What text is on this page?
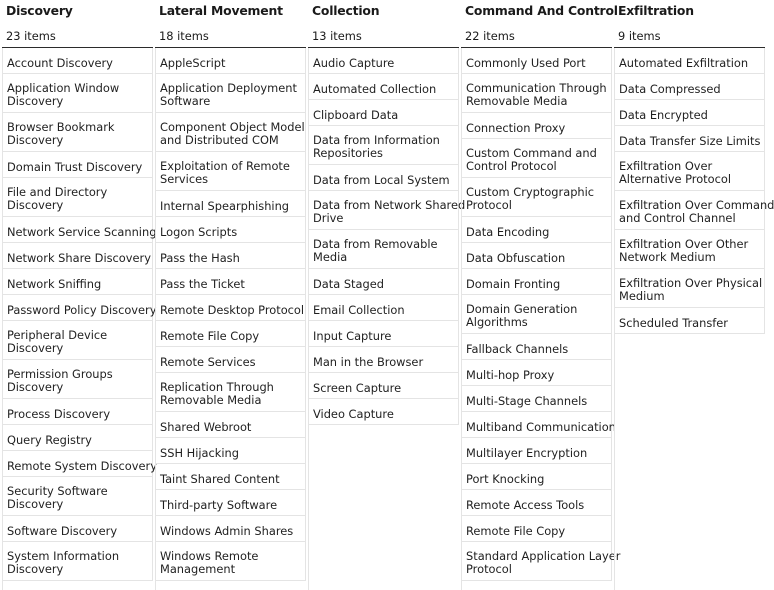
Discovery
23 items
Account Discovery
Application Window
Discovery
Browser Bookmark
Discovery
Domain Trust Discovery
File and Directory
Discovery
Network Service Scanning
Network Share Discovery
Network Sniffing
Password Policy Discovery
Peripheral Device
Discovery
Permission Groups
Discovery
Process Discovery
Query Registry
Remote System Discovery
Security Software
Discovery
Software Discovery
System Information
Discovery
Lateral Movement
18 items
AppleScript
Application Deployment
Software
Component Object Model
and Distributed COM
Exploitation of Remote
Services
Internal Spearphishing
Logon Scripts
Pass the Hash
Pass the Ticket
Remote Desktop Protocol
Remote File Copy
Remote Services
Replication Through
Removable Media
Shared Webroot
SSH Hijacking
Taint Shared Content
Third-party Software
Windows Admin Shares
Windows Remote
Management
Collection
13 items
Audio Capture
Automated Collection
Clipboard Data
Data from Information
Repositories
Data from Local System
Data from Network Shared
Drive
Data from Removable
Media
Data Staged
Email Collection
Input Capture
Man in the Browser
Screen Capture
Video Capture
Command And Control
22 items
Commonly Used Port
Communication Through
Removable Media
Connection Proxy
Custom Command and
Control Protocol
Custom Cryptographic
Protocol
Data Encoding
Data Obfuscation
Domain Fronting
Domain Generation
Algorithms
Fallback Channels
Multi-hop Proxy
Multi-Stage Channels
Multiband Communication
Multilayer Encryption
Port Knocking
Remote Access Tools
Remote File Copy
Standard Application Layer
Protocol
Exfiltration
9 items
Automated Exfiltration
Data Compressed
Data Encrypted
Data Transfer Size Limits
Exfiltration Over
Alternative Protocol
Exfiltration Over Command
and Control Channel
Exfiltration Over Other
Network Medium
Exfiltration Over Physical
Medium
Scheduled Transfer
